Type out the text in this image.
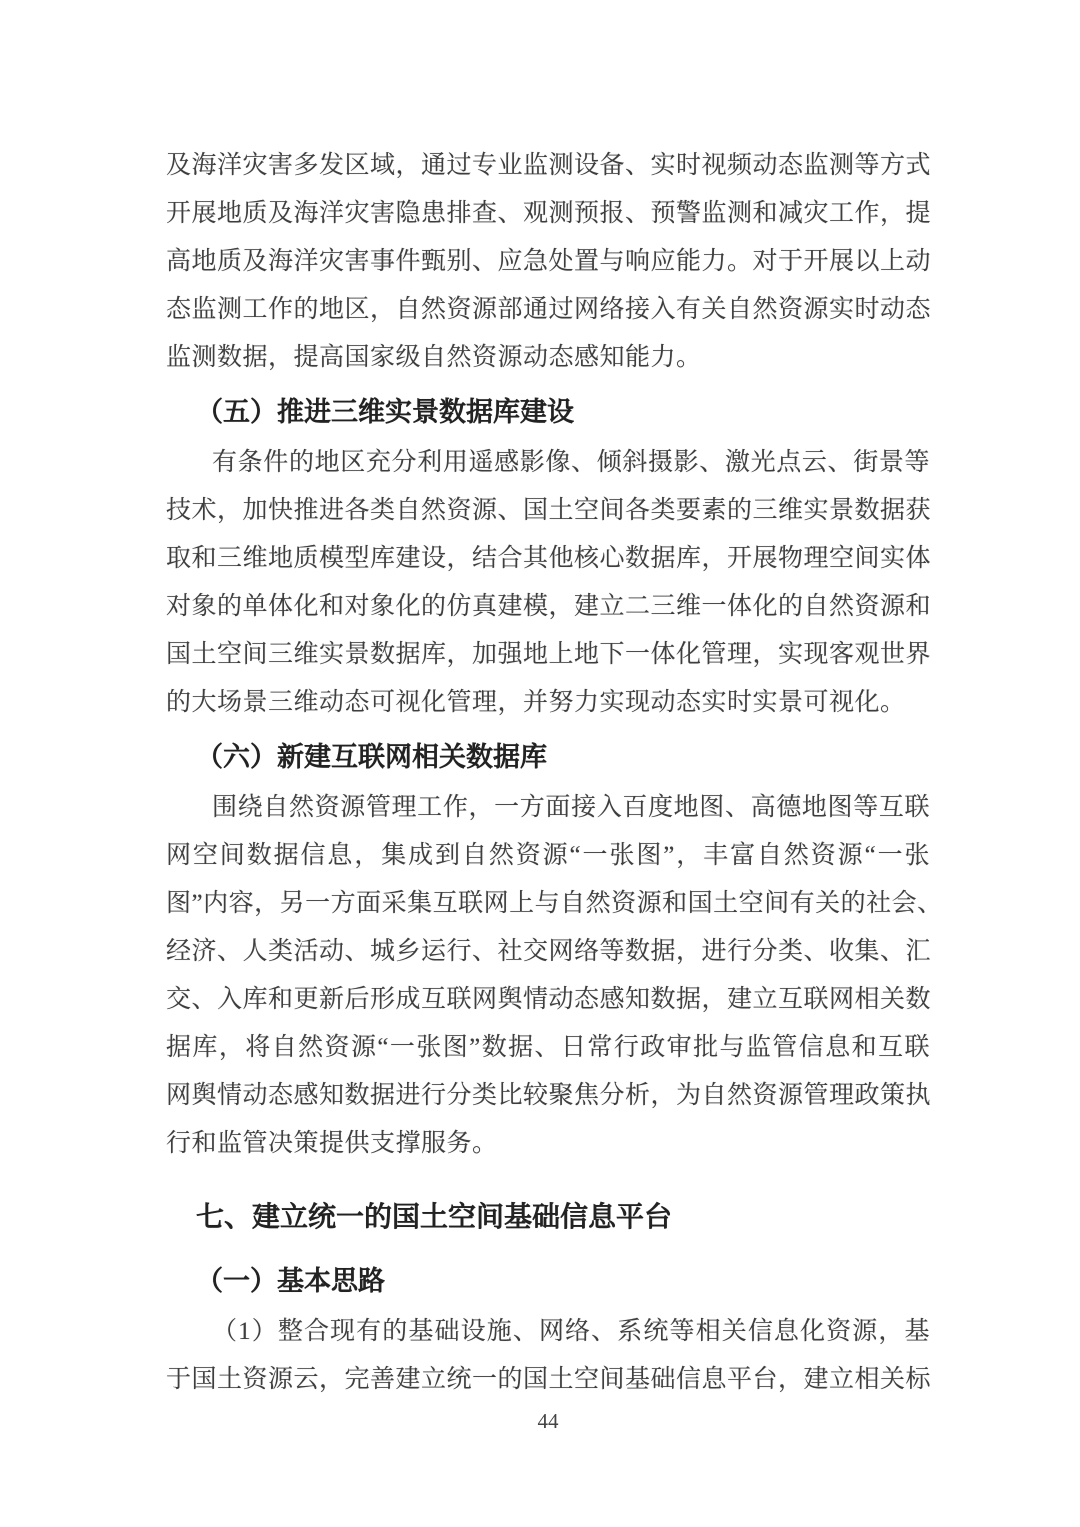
及海洋灾害多发区域，通过专业监测设备、实时视频动态监测等方式
开展地质及海洋灾害隐患排查、观测预报、预警监测和减灾工作，提
高地质及海洋灾害事件甄别、应急处置与响应能力。对于开展以上动
态监测工作的地区，自然资源部通过网络接入有关自然资源实时动态
监测数据，提高国家级自然资源动态感知能力。
（五）推进三维实景数据库建设
有条件的地区充分利用遥感影像、倾斜摄影、激光点云、街景等
技术，加快推进各类自然资源、国土空间各类要素的三维实景数据获
取和三维地质模型库建设，结合其他核心数据库，开展物理空间实体
对象的单体化和对象化的仿真建模，建立二三维一体化的自然资源和
国土空间三维实景数据库，加强地上地下一体化管理，实现客观世界
的大场景三维动态可视化管理，并努力实现动态实时实景可视化。
（六）新建互联网相关数据库
围绕自然资源管理工作，一方面接入百度地图、高德地图等互联
网空间数据信息，集成到自然资源“一张图”，丰富自然资源“一张
图”内容，另一方面采集互联网上与自然资源和国土空间有关的社会、
经济、人类活动、城乡运行、社交网络等数据，进行分类、收集、汇
交、入库和更新后形成互联网舆情动态感知数据，建立互联网相关数
据库，将自然资源“一张图”数据、日常行政审批与监管信息和互联
网舆情动态感知数据进行分类比较聚焦分析，为自然资源管理政策执
行和监管决策提供支撑服务。
七、建立统一的国土空间基础信息平台
（一）基本思路
（1）整合现有的基础设施、网络、系统等相关信息化资源，基
于国土资源云，完善建立统一的国土空间基础信息平台，建立相关标
44
